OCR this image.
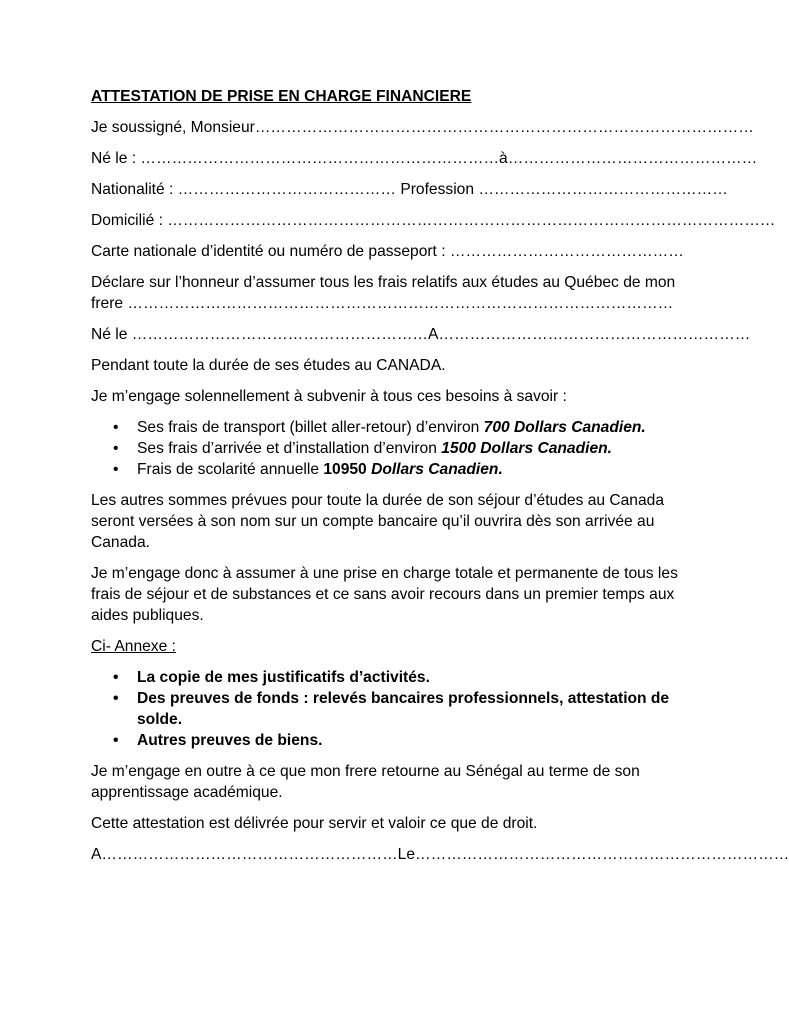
ATTESTATION DE PRISE EN CHARGE FINANCIERE
Je soussigné, Monsieur……………………………………………………………………………………
Né le : ……………………………………………………………à…………………………………………
Nationalité : …………………………………… Profession …………………………………………
Domicilié : ………………………………………………………………………………………………………
Carte nationale d’identité ou numéro de passeport : ………………………………………
Déclare sur l’honneur d’assumer tous les frais relatifs aux études au Québec de mon frere ……………………………………………………………………………………………
Né le …………………………………………………A……………………………………………………
Pendant toute la durée de ses études au CANADA.
Je m’engage solennellement à subvenir à tous ces besoins à savoir :
• Ses frais de transport (billet aller-retour) d’environ 700 Dollars Canadien.
• Ses frais d’arrivée et d’installation d’environ 1500 Dollars Canadien.
• Frais de scolarité annuelle 10950 Dollars Canadien.
Les autres sommes prévues pour toute la durée de son séjour d’études au Canada seront versées à son nom sur un compte bancaire qu’il ouvrira dès son arrivée au Canada.
Je m’engage donc à assumer à une prise en charge totale et permanente de tous les frais de séjour et de substances et ce sans avoir recours dans un premier temps aux aides publiques.
Ci- Annexe :
• La copie de mes justificatifs d’activités.
• Des preuves de fonds : relevés bancaires professionnels, attestation de solde.
• Autres preuves de biens.
Je m’engage en outre à ce que mon frere retourne au Sénégal au terme de son apprentissage académique.
Cette attestation est délivrée pour servir et valoir ce que de droit.
A…………………………………………………Le………………………………………………………………
